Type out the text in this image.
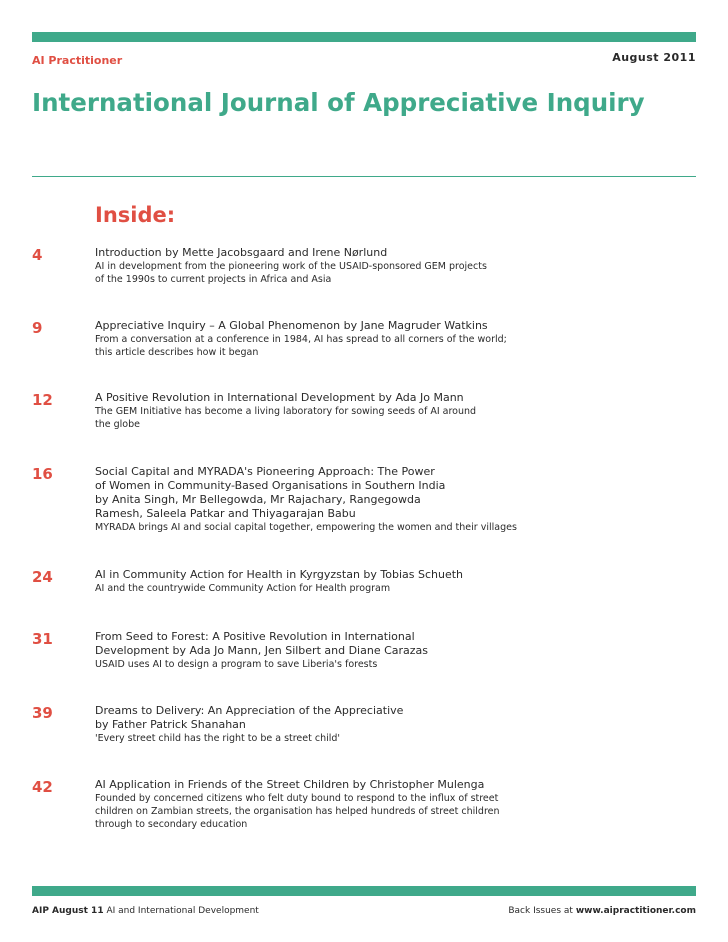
AI Practitioner	August 2011
International Journal of Appreciative Inquiry
Inside:
4	Introduction by Mette Jacobsgaard and Irene Nørlund
AI in development from the pioneering work of the USAID-sponsored GEM projects
of the 1990s to current projects in Africa and Asia
9	Appreciative Inquiry – A Global Phenomenon by Jane Magruder Watkins
From a conversation at a conference in 1984, AI has spread to all corners of the world;
this article describes how it began
12	A Positive Revolution in International Development by Ada Jo Mann
The GEM Initiative has become a living laboratory for sowing seeds of AI around
the globe
16	Social Capital and MYRADA's Pioneering Approach: The Power
of Women in Community-Based Organisations in Southern India
by Anita Singh, Mr Bellegowda, Mr Rajachary, Rangegowda
Ramesh, Saleela Patkar and Thiyagarajan Babu
MYRADA brings AI and social capital together, empowering the women and their villages
24	AI in Community Action for Health in Kyrgyzstan by Tobias Schueth
AI and the countrywide Community Action for Health program
31	From Seed to Forest: A Positive Revolution in International
Development by Ada Jo Mann, Jen Silbert and Diane Carazas
USAID uses AI to design a program to save Liberia's forests
39	Dreams to Delivery: An Appreciation of the Appreciative
by Father Patrick Shanahan
'Every street child has the right to be a street child'
42	AI Application in Friends of the Street Children by Christopher Mulenga
Founded by concerned citizens who felt duty bound to respond to the influx of street
children on Zambian streets, the organisation has helped hundreds of street children
through to secondary education
AIP August 11 AI and International Development	Back Issues at www.aipractitioner.com
